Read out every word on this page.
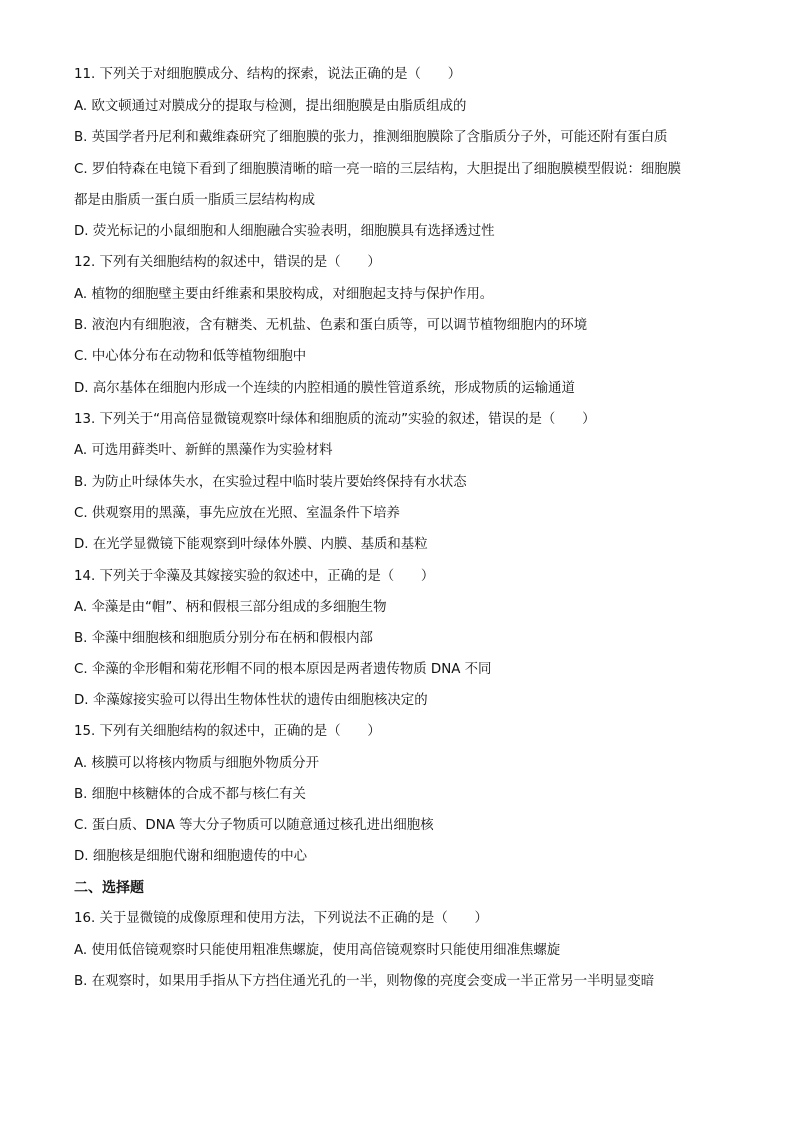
11. 下列关于对细胞膜成分、结构的探索，说法正确的是（　　）
A. 欧文顿通过对膜成分的提取与检测，提出细胞膜是由脂质组成的
B. 英国学者丹尼利和戴维森研究了细胞膜的张力，推测细胞膜除了含脂质分子外，可能还附有蛋白质
C. 罗伯特森在电镜下看到了细胞膜清晰的暗一亮一暗的三层结构，大胆提出了细胞膜模型假说：细胞膜
都是由脂质一蛋白质一脂质三层结构构成
D. 荧光标记的小鼠细胞和人细胞融合实验表明，细胞膜具有选择透过性
12. 下列有关细胞结构的叙述中，错误的是（　　）
A. 植物的细胞壁主要由纤维素和果胶构成，对细胞起支持与保护作用。
B. 液泡内有细胞液，含有糖类、无机盐、色素和蛋白质等，可以调节植物细胞内的环境
C. 中心体分布在动物和低等植物细胞中
D. 高尔基体在细胞内形成一个连续的内腔相通的膜性管道系统，形成物质的运输通道
13. 下列关于“用高倍显微镜观察叶绿体和细胞质的流动”实验的叙述，错误的是（　　）
A. 可选用藓类叶、新鲜的黑藻作为实验材料
B. 为防止叶绿体失水，在实验过程中临时装片要始终保持有水状态
C. 供观察用的黑藻，事先应放在光照、室温条件下培养
D. 在光学显微镜下能观察到叶绿体外膜、内膜、基质和基粒
14. 下列关于伞藻及其嫁接实验的叙述中，正确的是（　　）
A. 伞藻是由“帽”、柄和假根三部分组成的多细胞生物
B. 伞藻中细胞核和细胞质分别分布在柄和假根内部
C. 伞藻的伞形帽和菊花形帽不同的根本原因是两者遗传物质 DNA 不同
D. 伞藻嫁接实验可以得出生物体性状的遗传由细胞核决定的
15. 下列有关细胞结构的叙述中，正确的是（　　）
A. 核膜可以将核内物质与细胞外物质分开
B. 细胞中核糖体的合成不都与核仁有关
C. 蛋白质、DNA 等大分子物质可以随意通过核孔进出细胞核
D. 细胞核是细胞代谢和细胞遗传的中心
二、选择题
16. 关于显微镜的成像原理和使用方法，下列说法不正确的是（　　）
A. 使用低倍镜观察时只能使用粗准焦螺旋，使用高倍镜观察时只能使用细准焦螺旋
B. 在观察时，如果用手指从下方挡住通光孔的一半，则物像的亮度会变成一半正常另一半明显变暗
